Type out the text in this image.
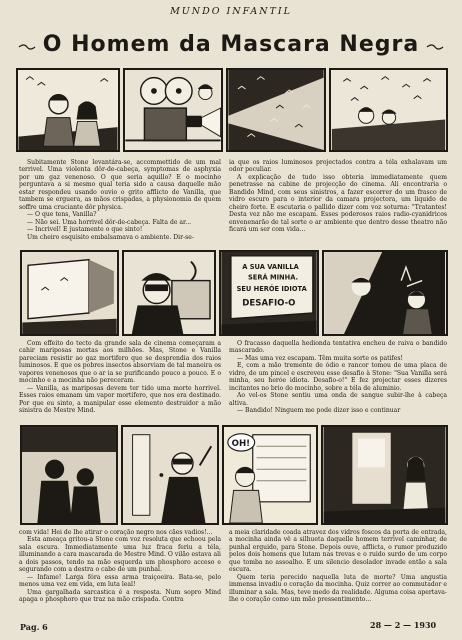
MUNDO INFANTIL
O Homem da Mascara Negra

Subitamente Stone levantára-se, accommettido de um mal terrivel. Uma violenta dôr-de-cabeça, symptomas de asphyxia por um gaz venenoso. O que seria aquillo? E o mocinho perguntava a si mesmo qual teria sido a causa daquelle mão estar respondeu usando ouvio o grito afflicto de Vanilla, que tambem se erguera, as mãos crispadas, a physionomia de quem soffre uma cruciante dôr physica.

— O que tens, Vanilla?

— Não sei. Uma horrivel dôr-de-cabeça. Falta de ar...

— Incrivel! E justamente o que sinto!

Um cheiro esquisito embalsamava o ambiente. Dir-se-

ia que os raios luminosos projectados contra a téla exhalavam um odor peculiar.

A explicação de tudo isso obteria immediatamente quem penetrasse na cabine de projecção do cinema. Ali encontraria o Bandido Mind, com seus sinistros, a fazer escorrer do um frasco de vidro escuro para o interior da camara projectora, um liquido de cheiro forte. E escutaria o pallido dizer com voz soturna: "Tratantes! Desta vez não me escapam. Esses poderosos raios radio-cyanidricos envenenarão de tal sorte o ar ambiente que dentro desse theatro não ficará um ser com vida...

A SUA VANILLA
SERÁ MINHA.
SEU HERÓE IDIOTA
DESAFIO-O

Com effeito do tecto da grande sala de cinema começaram a cahir mariposas mortas aos milhões. Mas, Stone e Vanilla pareciam resistir ao gaz mortifero que se desprendia dos raios luminosos. E que os pobres insectos absorviam de tal maneira os vapores venenosos que o ar ia se purificando pouco a pouco. E o mocinho e a mocinha não pereceram.

— Vanilla, as mariposas devem ter tido uma morte horrivel. Esses raios emanam um vapor mortifero, que nos era destinado. Por que eu sinto, a manipular esse elemento destruidor a mão sinistra de Mestre Mind.

O fracasso daquella hediondа tentativa encheu de raiva o bandido mascarado.

— Mas uma vez escapam. Têm muita sorte os patifes!

E, com a mão tremente de ódio e rancor tomou de uma placa de vidro, de um pincel e escreveu esse desafio à Stone: "Sua Vanilla será minha, seu heróe idiota. Desafio-o!" E fez projectar esses dizeres incitantes no brio do mocinho, sobre a téla de aluminio.

Ao vel-os Stone sentiu uma onda de sangue subir-lhe à cabeça altiva.

— Bandido! Ninguem me pode dizer isso e continuar

OH!

com vida! Hei de lhe atirar o coração negro nos cães vadios!...

Esta ameaça gritou-a Stone com voz resoluta que echoou pela sala escura. Immediatamente uma luz fraca feriu a téla, illuminando a cara mascarada de Mestre Mind. O vilão estava ali a dois passos, tendo na mão esquerda um phosphoro acceso e segurando com a destra o cabo de um punhal.

— Infame! Larga fóra essa arma traiçoeira. Bata-se, pelo menos uma vez em vida, em luta leal!

Uma gargalhada sarcastica é a resposta. Num sopro Mind apaga o phosphoro que traz na mão crispada. Contra

a meia claridade coada atravez dos vidros foscos da porta de entrada, a mocinha ainda vê a silhueta daquelle homem terrivel caminhar, de punhal erguido, para Stone. Depois ouve, afflicta, o rumor produzido pelos dois homens que lutam nas trevas e o ruido surdo de um corpo que tomba no assoalho. E um silencio desolador invade então a sala escura.

Quem teria perecido naquella luta de morte? Uma angustia immensa invadiu o coração da mocinha. Quiz correr ao commutador e illuminar a sala. Mas, teve medo da realidade. Alguma coisa apertava-lhe o coração como um mão pressentimento...

Pag. 6	28 — 2 — 1930
